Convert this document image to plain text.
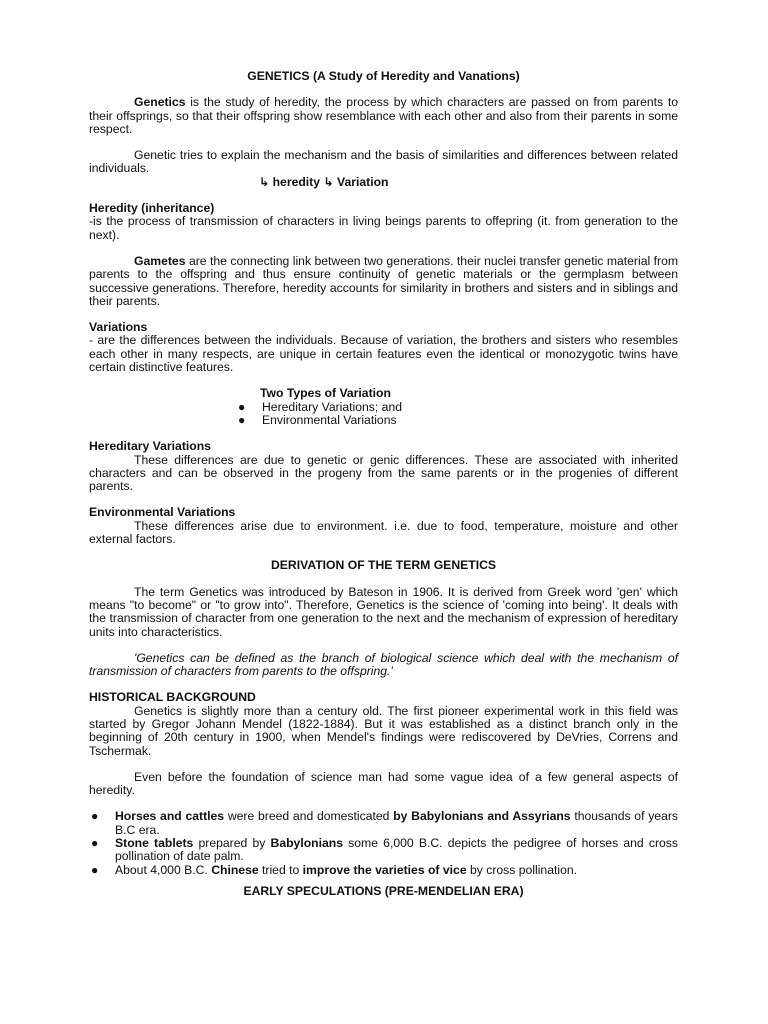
GENETICS (A Study of Heredity and Vanations)

Genetics is the study of heredity, the process by which characters are passed on from parents to their offsprings, so that their offspring show resemblance with each other and also from their parents in some respect.

Genetic tries to explain the mechanism and the basis of similarities and differences between related individuals.

↳ heredity ↳ Variation

Heredity (inheritance)

-is the process of transmission of characters in living beings parents to offepring (it. from generation to the next).

Gametes are the connecting link between two generations. their nuclei transfer genetic material from parents to the offspring and thus ensure continuity of genetic materials or the germplasm between successive generations. Therefore, heredity accounts for similarity in brothers and sisters and in siblings and their parents.

Variations

- are the differences between the individuals. Because of variation, the brothers and sisters who resembles each other in many respects, are unique in certain features even the identical or monozygotic twins have certain distinctive features.

Two Types of Variation

● Hereditary Variations; and
● Environmental Variations

Hereditary Variations

These differences are due to genetic or genic differences. These are associated with inherited characters and can be observed in the progeny from the same parents or in the progenies of different parents.

Environmental Variations

These differences arise due to environment. i.e. due to food, temperature, moisture and other external factors.

DERIVATION OF THE TERM GENETICS

The term Genetics was introduced by Bateson in 1906. It is derived from Greek word 'gen' which means "to become" or "to grow into". Therefore, Genetics is the science of 'coming into being'. It deals with the transmission of character from one generation to the next and the mechanism of expression of hereditary units into characteristics.

'Genetics can be defined as the branch of biological science which deal with the mechanism of transmission of characters from parents to the offspring.'

HISTORICAL BACKGROUND

Genetics is slightly more than a century old. The first pioneer experimental work in this field was started by Gregor Johann Mendel (1822-1884). But it was established as a distinct branch only in the beginning of 20th century in 1900, when Mendel's findings were rediscovered by DeVries, Correns and Tschermak.

Even before the foundation of science man had some vague idea of a few general aspects of heredity.

● Horses and cattles were breed and domesticated by Babylonians and Assyrians thousands of years B.C era.
● Stone tablets prepared by Babylonians some 6,000 B.C. depicts the pedigree of horses and cross pollination of date palm.
● About 4,000 B.C. Chinese tried to improve the varieties of vice by cross pollination.

EARLY SPECULATIONS (PRE-MENDELIAN ERA)
